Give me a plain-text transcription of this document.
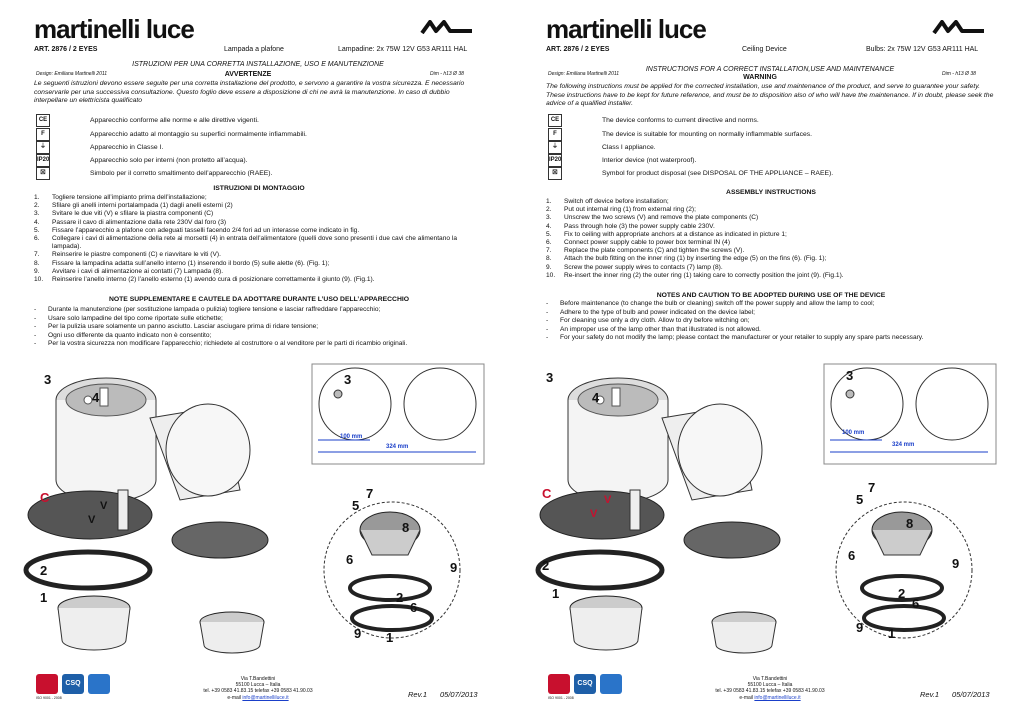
martinelli luce
ART. 2876 / 2 EYES	Lampada a plafone	Lampadine: 2x 75W 12V G53 AR111 HAL
ISTRUZIONI PER UNA CORRETTA INSTALLAZIONE, USO E MANUTENZIONE
Design: Emiliana Martinelli 2011	AVVERTENZE	Dim - h13 Ø 38
Le seguenti istruzioni devono essere seguite per una corretta installazione del prodotto, e servono a garantire la vostra sicurezza. E necessario conservarle per una successiva consultazione. Questo foglio deve essere a disposizione di chi ne avrà la manutenzione. In caso di dubbio interpellare un elettricista qualificato
CE	Apparecchio conforme alle norme e alle direttive vigenti.
F	Apparecchio adatto al montaggio su superfici normalmente infiammabili.
⏚	Apparecchio in Classe I.
IP20	Apparecchio solo per interni (non protetto all’acqua).
☒	Simbolo per il corretto smaltimento dell’apparecchio (RAEE).
ISTRUZIONI DI MONTAGGIO
1. Togliere tensione all’impianto prima dell’installazione;
2. Sfilare gli anelli interni portalampada (1) dagli anelli esterni (2)
3. Svitare le due viti (V) e sfilare la piastra componenti (C)
4. Passare il cavo di alimentazione dalla rete 230V dal foro (3)
5. Fissare l’apparecchio a plafone con adeguati tasselli facendo 2/4 fori ad un interasse come indicato in fig.
6. Collegare i cavi di alimentazione della rete ai morsetti (4) in entrata dell’alimentatore (quelli dove sono presenti i due cavi che alimentano la lampada).
7. Reinserire le piastre componenti (C) e riavvitare le viti (V).
8. Fissare la lampadina adatta sull’anello interno (1) inserendo il bordo (5) sulle alette (6). (Fig. 1);
9. Avvitare i cavi di alimentazione ai contatti (7) Lampada (8).
10. Reinserire l’anello interno (2) l’anello esterno (1) avendo cura di posizionare correttamente il giunto (9). (Fig.1).
NOTE SUPPLEMENTARE E CAUTELE DA ADOTTARE DURANTE L’USO DELL’APPARECCHIO
- Durante la manutenzione (per sostituzione lampada o pulizia) togliere tensione e lasciar raffreddare l’apparecchio;
- Usare solo lampadine del tipo come riportate sulle etichette;
- Per la pulizia usare solamente un panno asciutto. Lasciar asciugare prima di ridare tensione;
- Ogni uso differente da quanto indicato non è consentito;
- Per la vostra sicurezza non modificare l’apparecchio; richiedete al costruttore o al venditore per le parti di ricambio originali.
3
4
C
V
V
2
1
3
100 mm
324 mm
7
5
8
6
9
2
6
9 1
CSQ
ISO 9001 - 2008
Via T.Bandettini
55100 Lucca – Italia
tel. +39 0583 41.83.15 telefax +39 0583 41.90.03
e-mail info@martinelliluce.it	Rev.1 05/07/2013
martinelli luce
ART. 2876 / 2 EYES	Ceiling Device	Bulbs: 2x 75W 12V G53 AR111 HAL
INSTRUCTIONS FOR A CORRECT INSTALLATION,USE AND MAINTENANCE
Design: Emiliana Martinelli 2011	WARNING	Dim - h13 Ø 38
The following instructions must be applied for the corrected installation, use and maintenance of the product, and serve to guarantee your safety. These instructions have to be kept for future reference, and must be to disposition also of who will have the maintenance. If in doubt, please seek the advice of a qualified installer.
CE	The device conforms to current directive and norms.
F	The device is suitable for mounting on normally inflammable surfaces.
⏚	Class I appliance.
IP20	Interior device (not waterproof).
☒	Symbol for product disposal (see DISPOSAL OF THE APPLIANCE – RAEE).
ASSEMBLY INSTRUCTIONS
1. Switch off device before installation;
2. Put out internal ring (1) from external ring (2);
3. Unscrew the two screws (V) and remove the plate components (C)
4. Pass through hole (3) the power supply cable 230V.
5. Fix to ceiling with appropriate anchors at a distance as indicated in picture 1;
6. Connect power supply cable to power box terminal IN (4)
7. Replace the plate components (C) and tighten the screws (V).
8. Attach the bulb fitting on the inner ring (1) by inserting the edge (5) on the fins (6). (Fig. 1);
9. Screw the power supply wires to contacts (7) lamp (8).
10. Re-insert the inner ring (2) the outer ring (1) taking care to correctly position the joint (9). (Fig.1).
NOTES AND CAUTION TO BE ADOPTED DURING USE OF THE DEVICE
- Before maintenance (to change the bulb or cleaning) switch off the power supply and allow the lamp to cool;
- Adhere to the type of bulb and power indicated on the device label;
- For cleaning use only a dry cloth. Allow to dry before witching on;
- An improper use of the lamp other than that illustrated is not allowed.
- For your safety do not modify the lamp; please contact the manufacturer or your retailer to supply any spare parts necessary.
3
4
C	V
V
2
1
3
100 mm
324 mm
7
5
8
6
9
2
6
9 1
CSQ
ISO 9001 - 2008
Via T.Bandettini
55100 Lucca – Italia
tel. +39 0583 41.83.15 telefax +39 0583 41.90.03
e-mail info@martinelliluce.it	Rev.1 05/07/2013
